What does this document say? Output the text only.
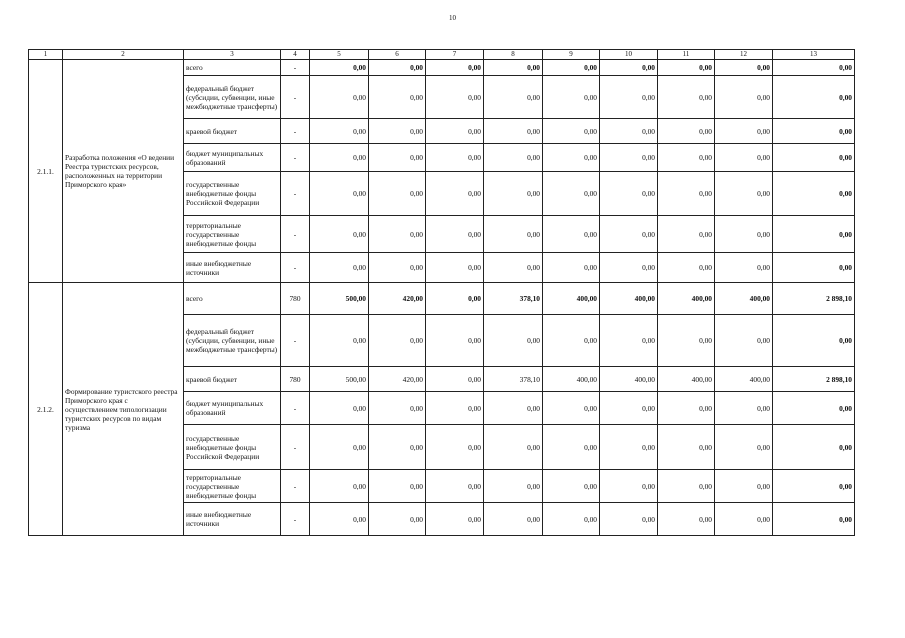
10
1	2	3	4	5	6	7	8	9	10	11	12	13
2.1.1.	Разработка положения «О ведении Реестра туристских ресурсов, расположенных на территории Приморского края»	всего	-	0,00	0,00	0,00	0,00	0,00	0,00	0,00	0,00	0,00
		федеральный бюджет (субсидии, субвенции, иные межбюджетные трансферты)	-	0,00	0,00	0,00	0,00	0,00	0,00	0,00	0,00	0,00
		краевой бюджет	-	0,00	0,00	0,00	0,00	0,00	0,00	0,00	0,00	0,00
		бюджет муниципальных образований	-	0,00	0,00	0,00	0,00	0,00	0,00	0,00	0,00	0,00
		государственные внебюджетные фонды Российской Федерации	-	0,00	0,00	0,00	0,00	0,00	0,00	0,00	0,00	0,00
		территориальные государственные внебюджетные фонды	-	0,00	0,00	0,00	0,00	0,00	0,00	0,00	0,00	0,00
		иные внебюджетные источники	-	0,00	0,00	0,00	0,00	0,00	0,00	0,00	0,00	0,00
2.1.2.	Формирование туристского реестра Приморского края с осуществлением типологизации туристских ресурсов по видам туризма	всего	780	500,00	420,00	0,00	378,10	400,00	400,00	400,00	400,00	2 898,10
		федеральный бюджет (субсидии, субвенции, иные межбюджетные трансферты)	-	0,00	0,00	0,00	0,00	0,00	0,00	0,00	0,00	0,00
		краевой бюджет	780	500,00	420,00	0,00	378,10	400,00	400,00	400,00	400,00	2 898,10
		бюджет муниципальных образований	-	0,00	0,00	0,00	0,00	0,00	0,00	0,00	0,00	0,00
		государственные внебюджетные фонды Российской Федерации	-	0,00	0,00	0,00	0,00	0,00	0,00	0,00	0,00	0,00
		территориальные государственные внебюджетные фонды	-	0,00	0,00	0,00	0,00	0,00	0,00	0,00	0,00	0,00
		иные внебюджетные источники	-	0,00	0,00	0,00	0,00	0,00	0,00	0,00	0,00	0,00
